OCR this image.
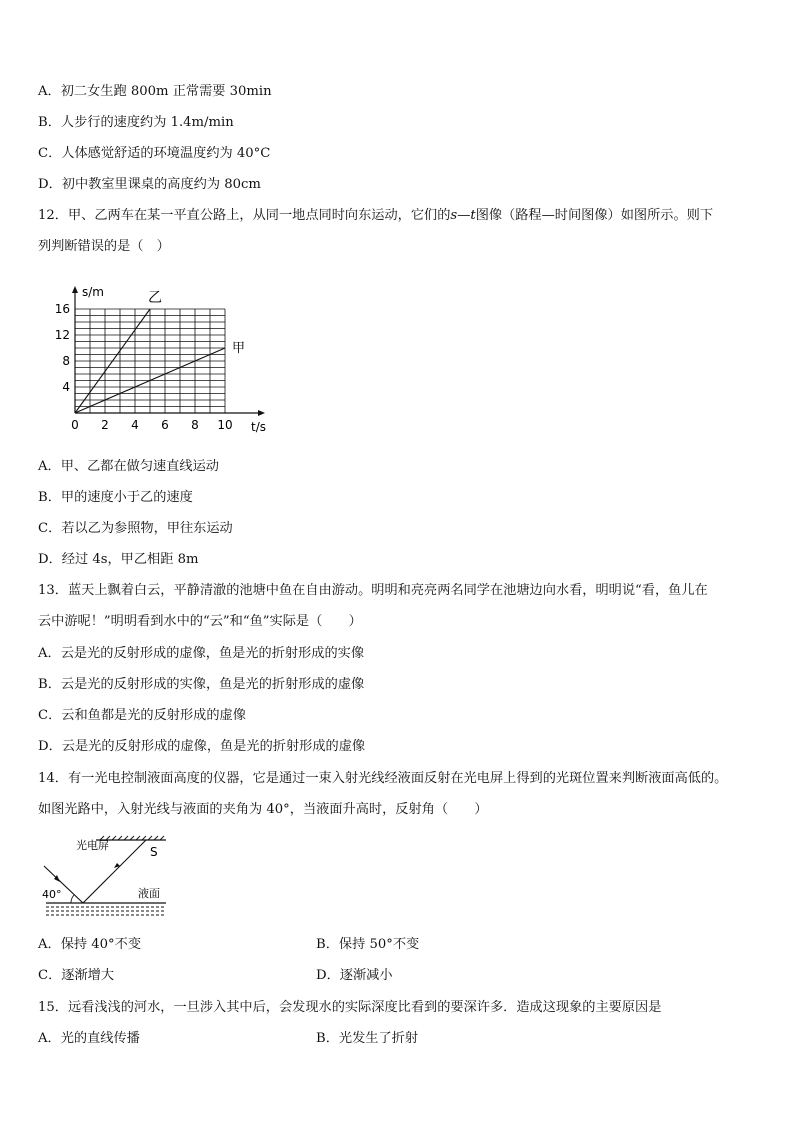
A．初二女生跑 800m 正常需要 30min
B．人步行的速度约为 1.4m/min
C．人体感觉舒适的环境温度约为 40°C
D．初中教室里课桌的高度约为 80cm
12．甲、乙两车在某一平直公路上，从同一地点同时向东运动，它们的s—t图像（路程—时间图像）如图所示。则下
列判断错误的是（　）
0 2 4 6 8 10
16
12
8
4
s/m
t/s
乙
甲
A．甲、乙都在做匀速直线运动
B．甲的速度小于乙的速度
C．若以乙为参照物，甲往东运动
D．经过 4s，甲乙相距 8m
13．蓝天上飘着白云，平静清澈的池塘中鱼在自由游动。明明和亮亮两名同学在池塘边向水看，明明说“看，鱼儿在
云中游呢！”明明看到水中的“云”和“鱼”实际是（　　）
A．云是光的反射形成的虚像，鱼是光的折射形成的实像
B．云是光的反射形成的实像，鱼是光的折射形成的虚像
C．云和鱼都是光的反射形成的虚像
D．云是光的反射形成的虚像，鱼是光的折射形成的虚像
14．有一光电控制液面高度的仪器，它是通过一束入射光线经液面反射在光电屏上得到的光斑位置来判断液面高低的。
如图光路中，入射光线与液面的夹角为 40°，当液面升高时，反射角（　　）
光电屏	S
40°	液面
A．保持 40°不变	B．保持 50°不变
C．逐渐增大	D．逐渐减小
15．远看浅浅的河水，一旦涉入其中后，会发现水的实际深度比看到的要深许多．造成这现象的主要原因是
A．光的直线传播	B．光发生了折射
